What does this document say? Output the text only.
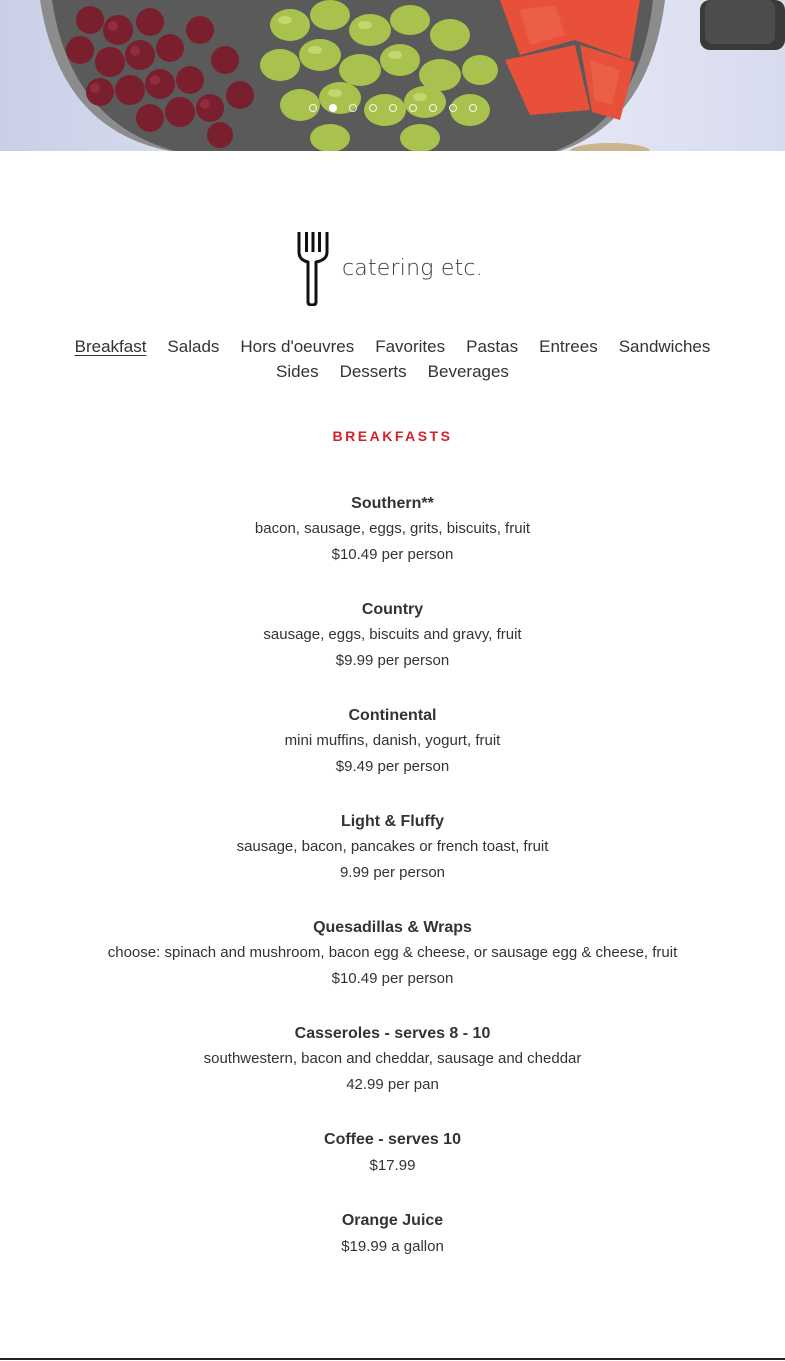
catering etc.
Breakfast Salads Hors d'oeuvres Favorites Pastas Entrees Sandwiches
Sides Desserts Beverages
BREAKFASTS
Southern**
bacon, sausage, eggs, grits, biscuits, fruit
$10.49 per person
Country
sausage, eggs, biscuits and gravy, fruit
$9.99 per person
Continental
mini muffins, danish, yogurt, fruit
$9.49 per person
Light & Fluffy
sausage, bacon, pancakes or french toast, fruit
9.99 per person
Quesadillas & Wraps
choose: spinach and mushroom, bacon egg & cheese, or sausage egg & cheese, fruit
$10.49 per person
Casseroles - serves 8 - 10
southwestern, bacon and cheddar, sausage and cheddar
42.99 per pan
Coffee - serves 10
$17.99
Orange Juice
$19.99 a gallon
